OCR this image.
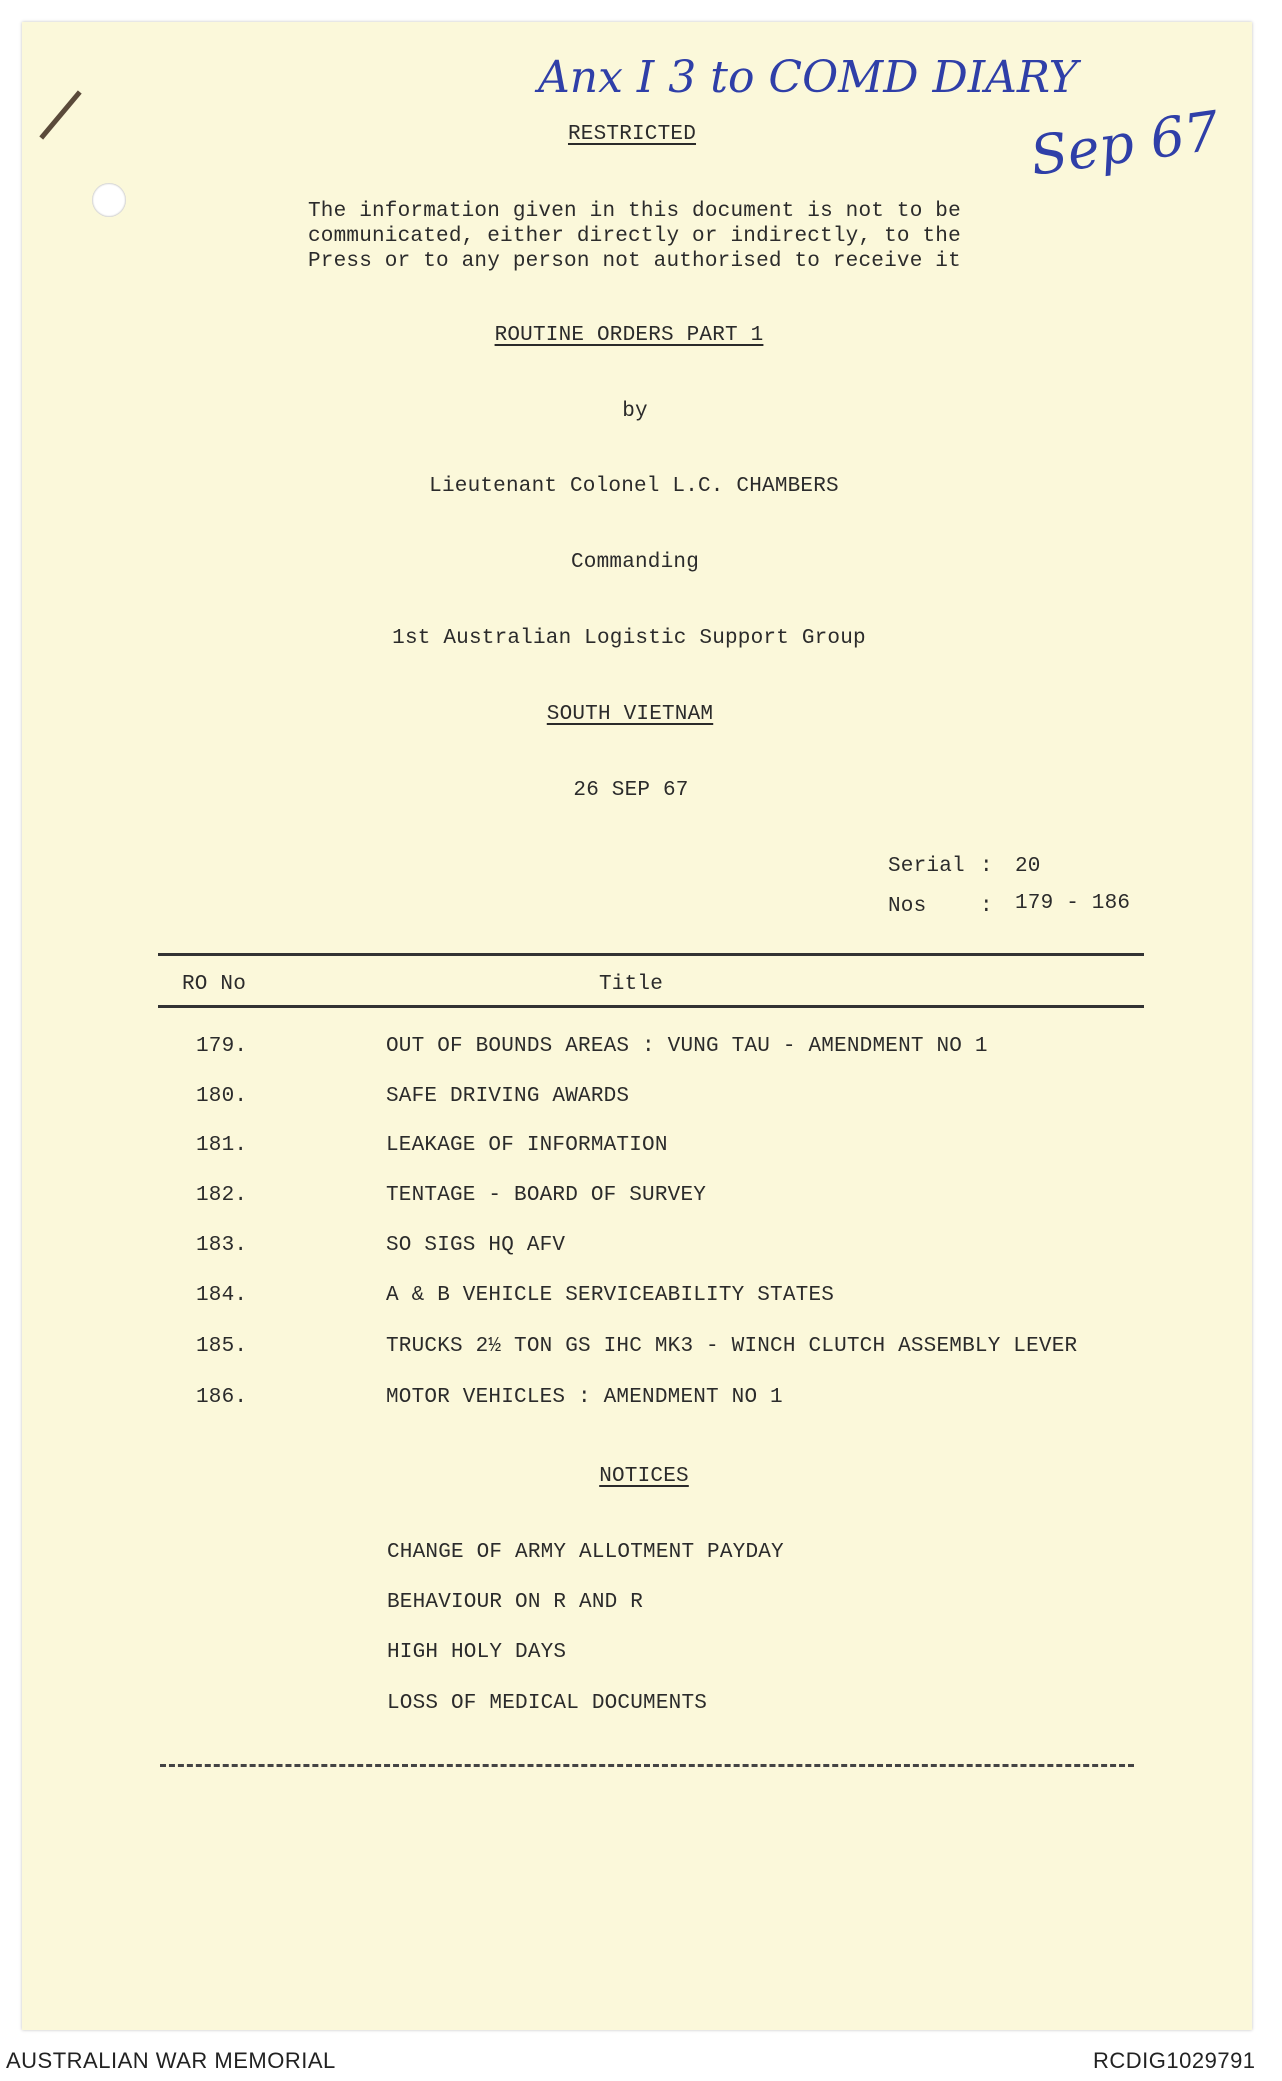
Anx I 3 to COMD DIARY
Sep 67
RESTRICTED
The information given in this document is not to be
communicated, either directly or indirectly, to the
Press or to any person not authorised to receive it
ROUTINE ORDERS PART 1
by
Lieutenant Colonel L.C. CHAMBERS
Commanding
1st Australian Logistic Support Group
SOUTH VIETNAM
26 SEP 67
Serial : 20
Nos	: 179 - 186
RO No	Title
179.	OUT OF BOUNDS AREAS : VUNG TAU - AMENDMENT NO 1
180.	SAFE DRIVING AWARDS
181.	LEAKAGE OF INFORMATION
182.	TENTAGE - BOARD OF SURVEY
183.	SO SIGS HQ AFV
184.	A & B VEHICLE SERVICEABILITY STATES
185.	TRUCKS 2½ TON GS IHC MK3 - WINCH CLUTCH ASSEMBLY LEVER
186.	MOTOR VEHICLES : AMENDMENT NO 1
NOTICES
CHANGE OF ARMY ALLOTMENT PAYDAY
BEHAVIOUR ON R AND R
HIGH HOLY DAYS
LOSS OF MEDICAL DOCUMENTS
AUSTRALIAN WAR MEMORIAL	RCDIG1029791
